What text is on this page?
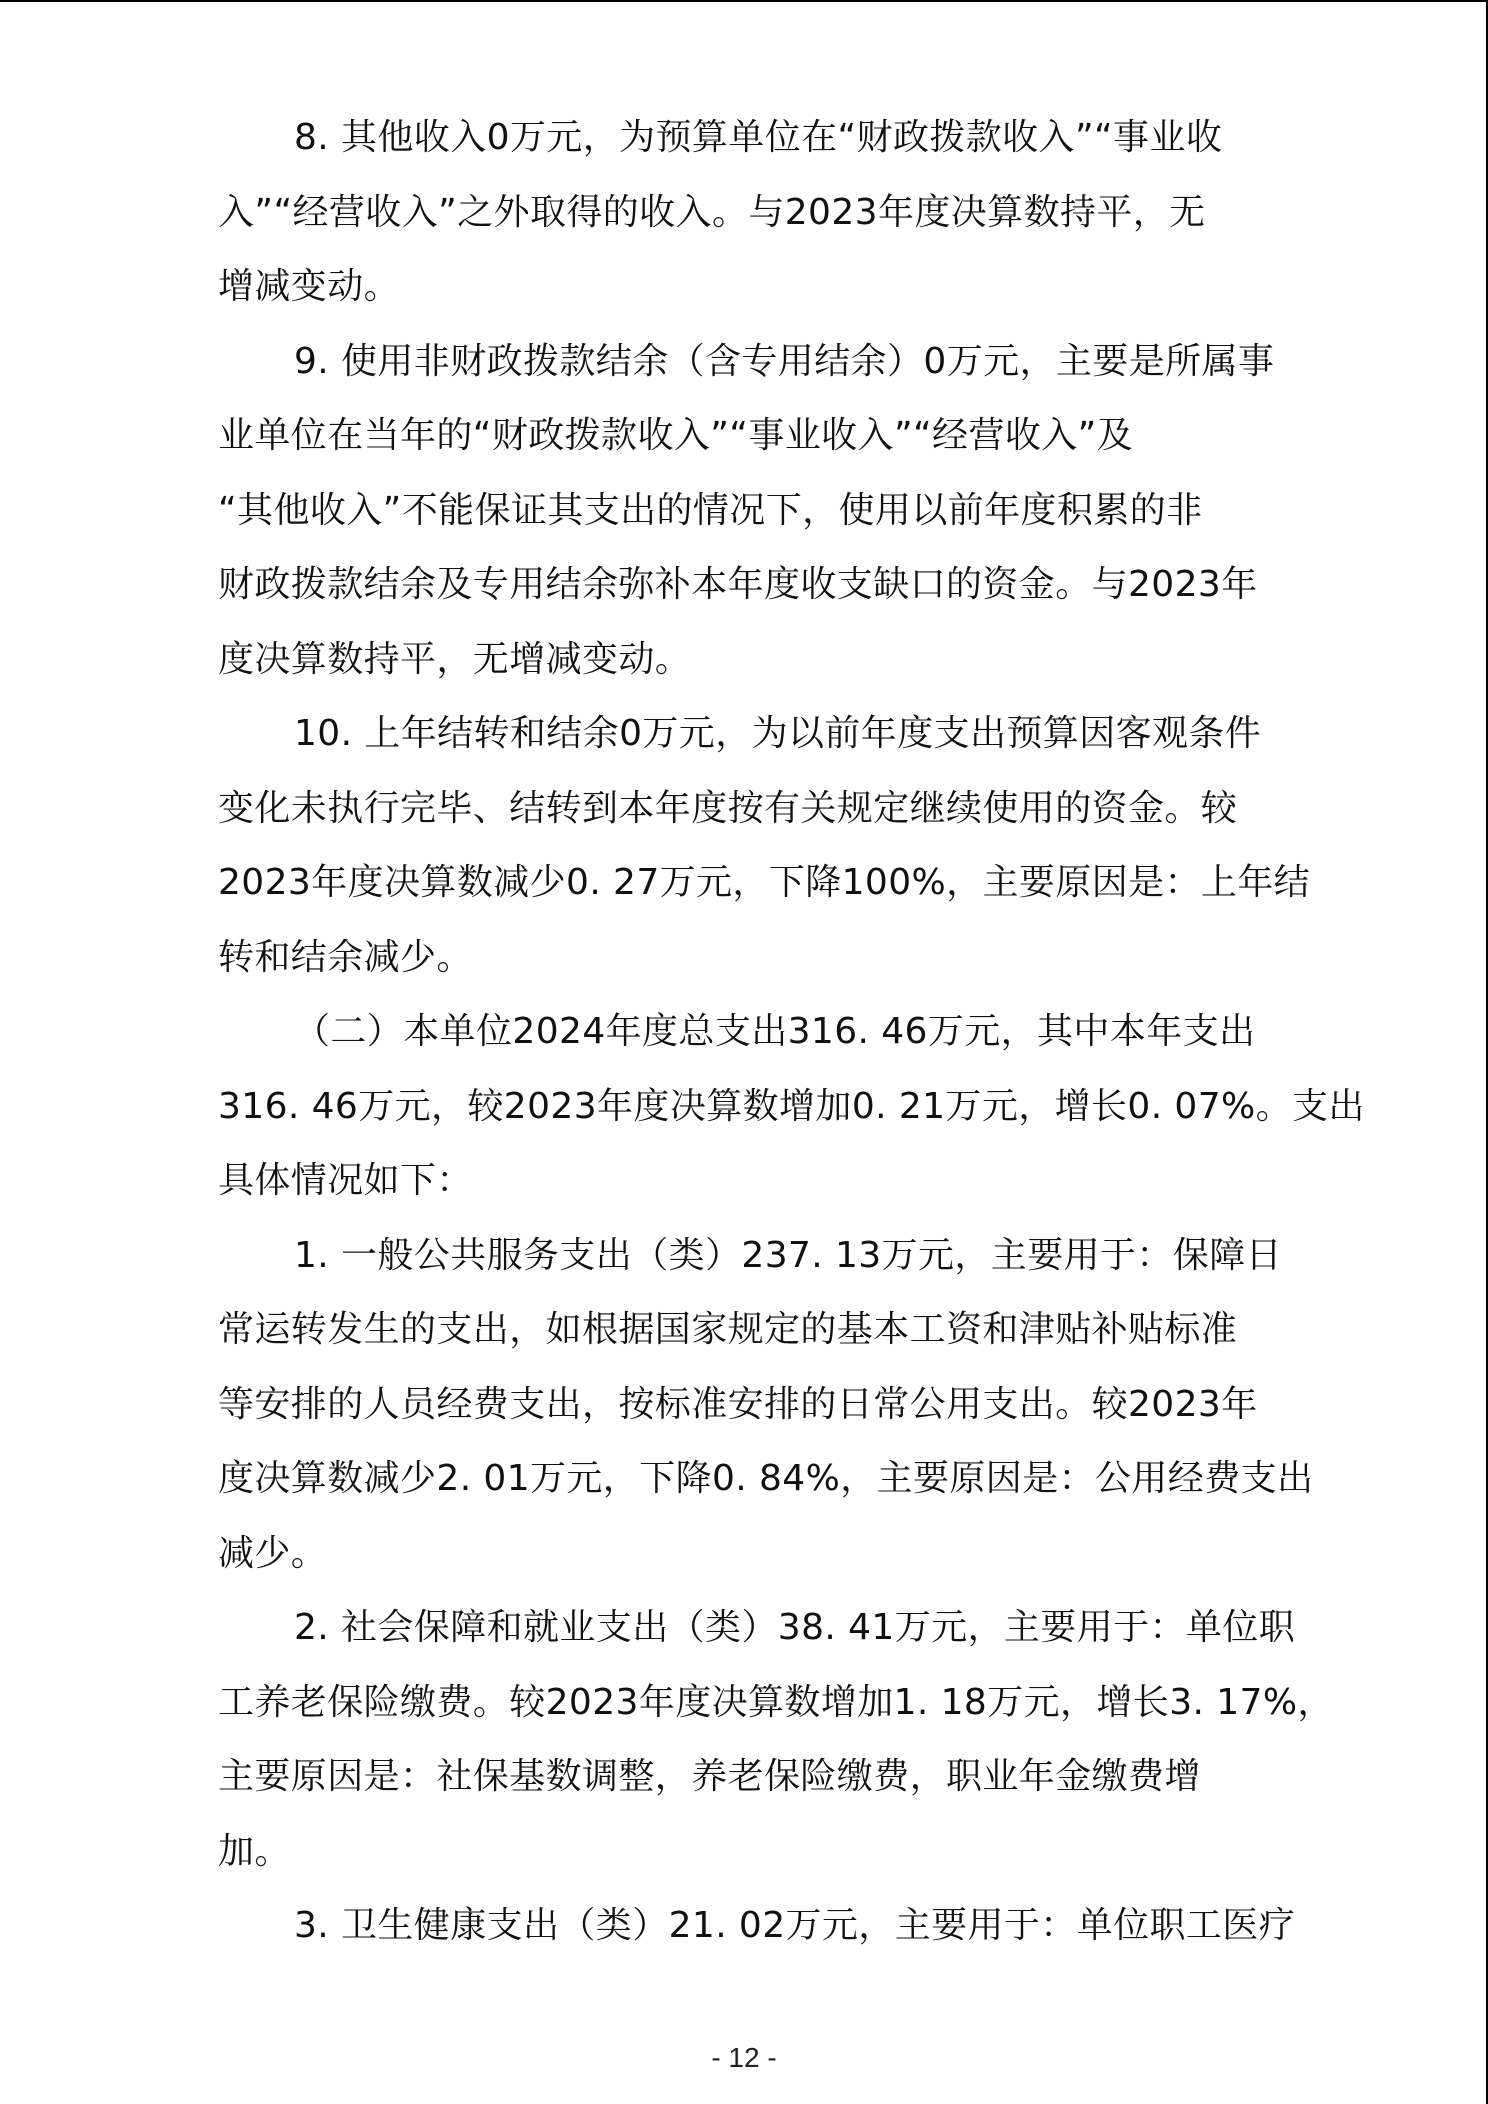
8. 其他收入0万元，为预算单位在“财政拨款收入”“事业收
入”“经营收入”之外取得的收入。与2023年度决算数持平，无
增减变动。
9. 使用非财政拨款结余（含专用结余）0万元，主要是所属事
业单位在当年的“财政拨款收入”“事业收入”“经营收入”及
“其他收入”不能保证其支出的情况下，使用以前年度积累的非
财政拨款结余及专用结余弥补本年度收支缺口的资金。与2023年
度决算数持平，无增减变动。
10. 上年结转和结余0万元，为以前年度支出预算因客观条件
变化未执行完毕、结转到本年度按有关规定继续使用的资金。较
2023年度决算数减少0. 27万元，下降100%，主要原因是：上年结
转和结余减少。
（二）本单位2024年度总支出316. 46万元，其中本年支出
316. 46万元，较2023年度决算数增加0. 21万元，增长0. 07%。支出
具体情况如下：
1. 一般公共服务支出（类）237. 13万元，主要用于：保障日
常运转发生的支出，如根据国家规定的基本工资和津贴补贴标准
等安排的人员经费支出，按标准安排的日常公用支出。较2023年
度决算数减少2. 01万元，下降0. 84%，主要原因是：公用经费支出
减少。
2. 社会保障和就业支出（类）38. 41万元，主要用于：单位职
工养老保险缴费。较2023年度决算数增加1. 18万元，增长3. 17%，
主要原因是：社保基数调整，养老保险缴费，职业年金缴费增
加。
3. 卫生健康支出（类）21. 02万元，主要用于：单位职工医疗
- 12 -
